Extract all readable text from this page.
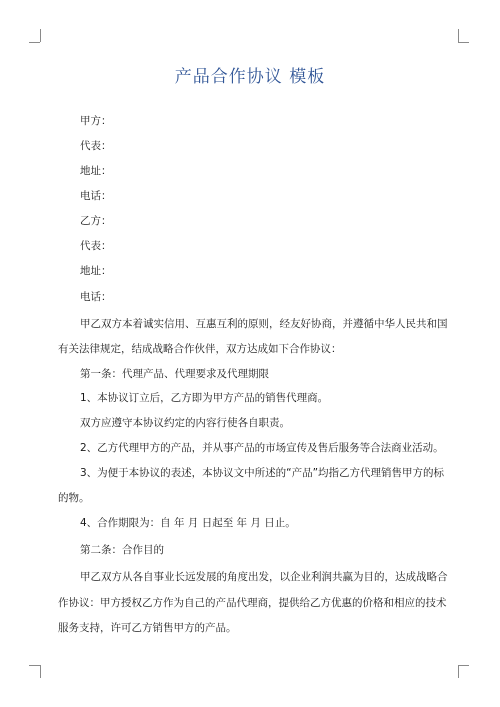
产品合作协议 模板
甲方：
代表：
地址：
电话：
乙方：
代表：
地址：
电话：
甲乙双方本着诚实信用、互惠互利的原则，经友好协商，并遵循中华人民共和国
有关法律规定，结成战略合作伙伴，双方达成如下合作协议：
第一条：代理产品、代理要求及代理期限
1、本协议订立后，乙方即为甲方产品的销售代理商。
双方应遵守本协议约定的内容行使各自职责。
2、乙方代理甲方的产品，并从事产品的市场宣传及售后服务等合法商业活动。
3、为便于本协议的表述，本协议文中所述的“产品”均指乙方代理销售甲方的标
的物。
4、合作期限为：自 年 月 日起至 年 月 日止。
第二条：合作目的
甲乙双方从各自事业长远发展的角度出发，以企业利润共赢为目的，达成战略合
作协议：甲方授权乙方作为自己的产品代理商，提供给乙方优惠的价格和相应的技术
服务支持，许可乙方销售甲方的产品。
